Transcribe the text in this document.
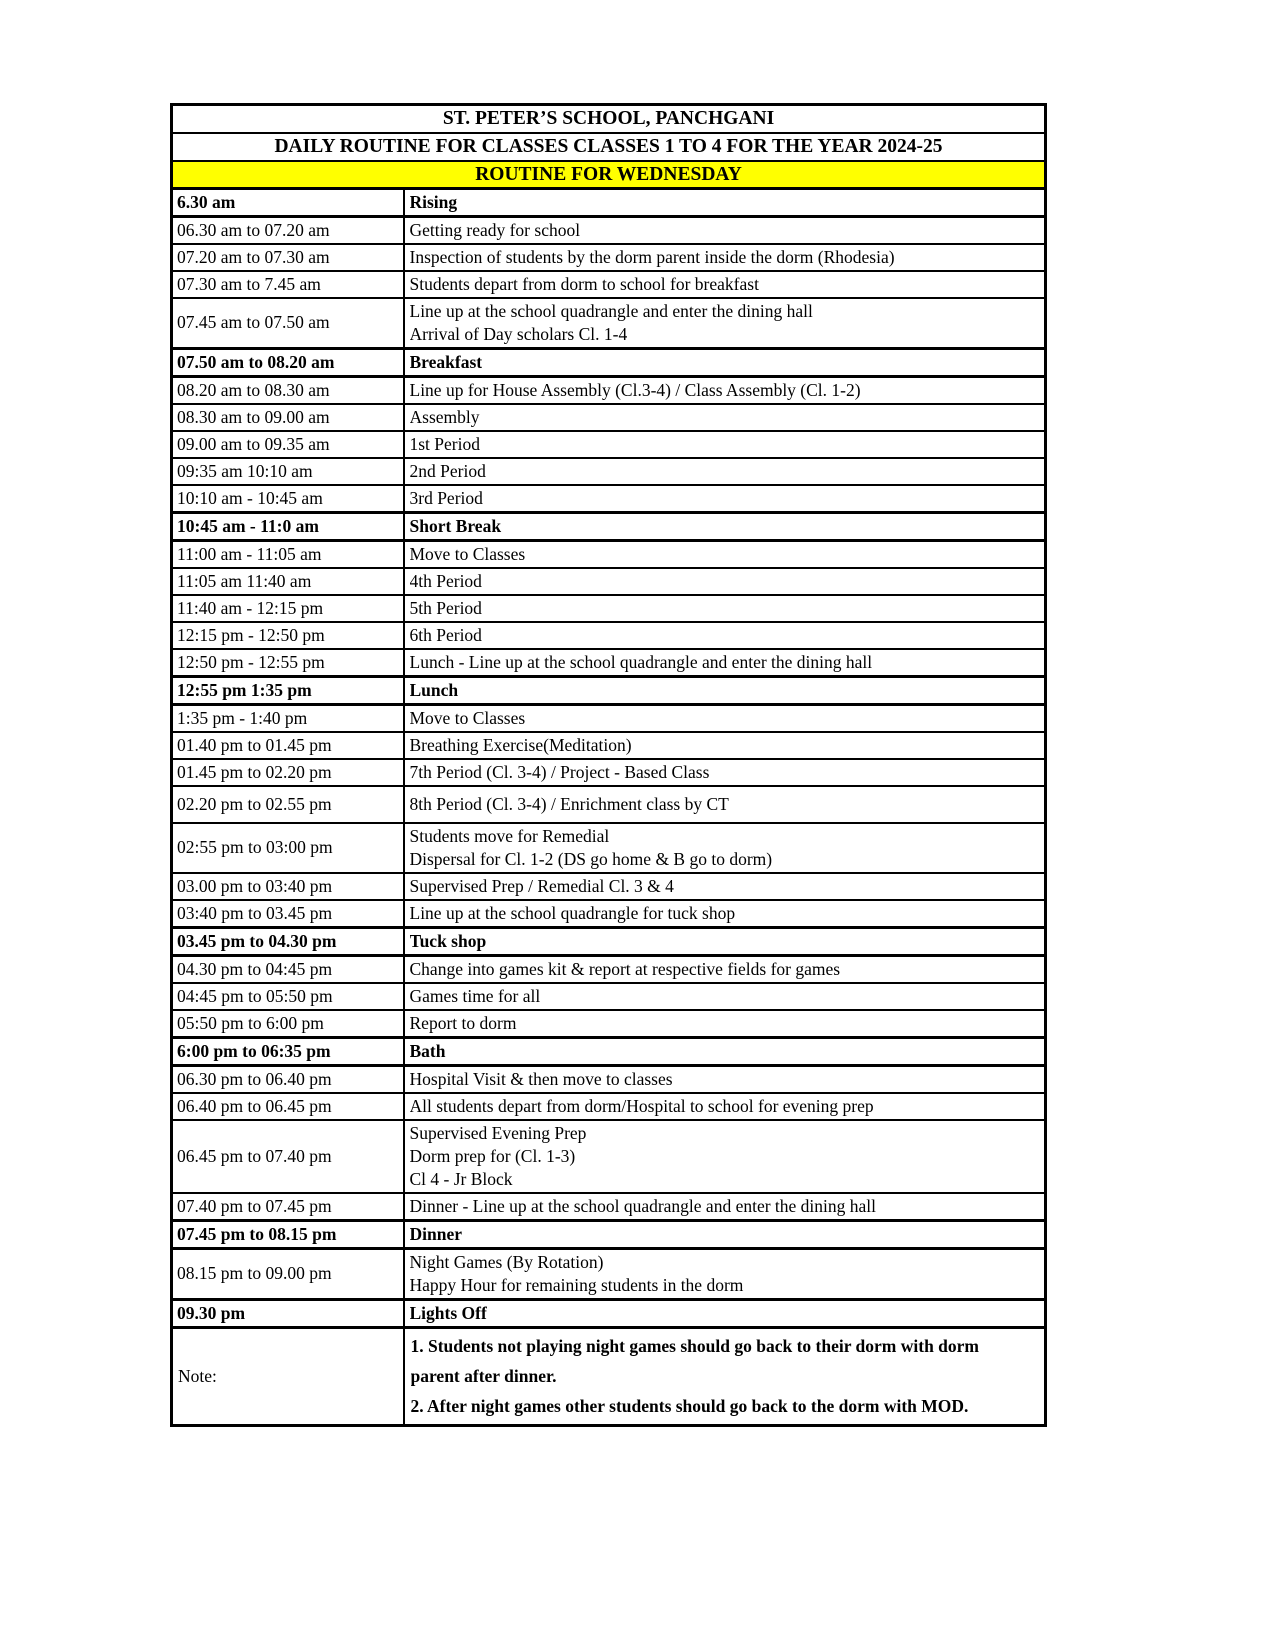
ST. PETER’S SCHOOL, PANCHGANI	
DAILY ROUTINE FOR CLASSES CLASSES 1 TO 4 FOR THE YEAR 2024-25	
ROUTINE FOR WEDNESDAY	
6.30 am	Rising

06.30 am to 07.20 am	Getting ready for school

07.20 am to 07.30 am	Inspection of students by the dorm parent inside the dorm (Rhodesia)

07.30 am to 7.45 am	Students depart from dorm to school for breakfast

07.45 am to 07.50 am	Line up at the school quadrangle and enter the dining hall
Arrival of Day scholars Cl. 1-4

07.50 am to 08.20 am	Breakfast

08.20 am to 08.30 am	Line up for House Assembly (Cl.3-4) / Class Assembly (Cl. 1-2)

08.30 am to 09.00 am	Assembly

09.00 am to 09.35 am	1st Period

09:35 am 10:10 am	2nd Period

10:10 am - 10:45 am	3rd Period

10:45 am - 11:0 am	Short Break

11:00 am - 11:05 am	Move to Classes

11:05 am 11:40 am	4th Period

11:40 am - 12:15 pm	5th Period

12:15 pm - 12:50 pm	6th Period

12:50 pm - 12:55 pm	Lunch - Line up at the school quadrangle and enter the dining hall

12:55 pm 1:35 pm	Lunch

1:35 pm - 1:40 pm	Move to Classes

01.40 pm to 01.45 pm	Breathing Exercise(Meditation)

01.45 pm to 02.20 pm	7th Period (Cl. 3-4) / Project - Based Class

02.20 pm to 02.55 pm	8th Period (Cl. 3-4) / Enrichment class by CT

02:55 pm to 03:00 pm	Students move for Remedial
Dispersal for Cl. 1-2 (DS go home & B go to dorm)

03.00 pm to 03:40 pm	Supervised Prep / Remedial Cl. 3 & 4

03:40 pm to 03.45 pm	Line up at the school quadrangle for tuck shop

03.45 pm to 04.30 pm	Tuck shop

04.30 pm to 04:45 pm	Change into games kit & report at respective fields for games

04:45 pm to 05:50 pm	Games time for all

05:50 pm to 6:00 pm	Report to dorm

6:00 pm to 06:35 pm	Bath

06.30 pm to 06.40 pm	Hospital Visit & then move to classes

06.40 pm to 06.45 pm	All students depart from dorm/Hospital to school for evening prep

06.45 pm to 07.40 pm	Supervised Evening Prep
Dorm prep for (Cl. 1-3)
Cl 4 - Jr Block

07.40 pm to 07.45 pm	Dinner - Line up at the school quadrangle and enter the dining hall

07.45 pm to 08.15 pm	Dinner

08.15 pm to 09.00 pm	Night Games (By Rotation)
Happy Hour for remaining students in the dorm

09.30 pm	Lights Off

Note:	1. Students not playing night games should go back to their dorm with dorm
parent after dinner.
2. After night games other students should go back to the dorm with MOD.
